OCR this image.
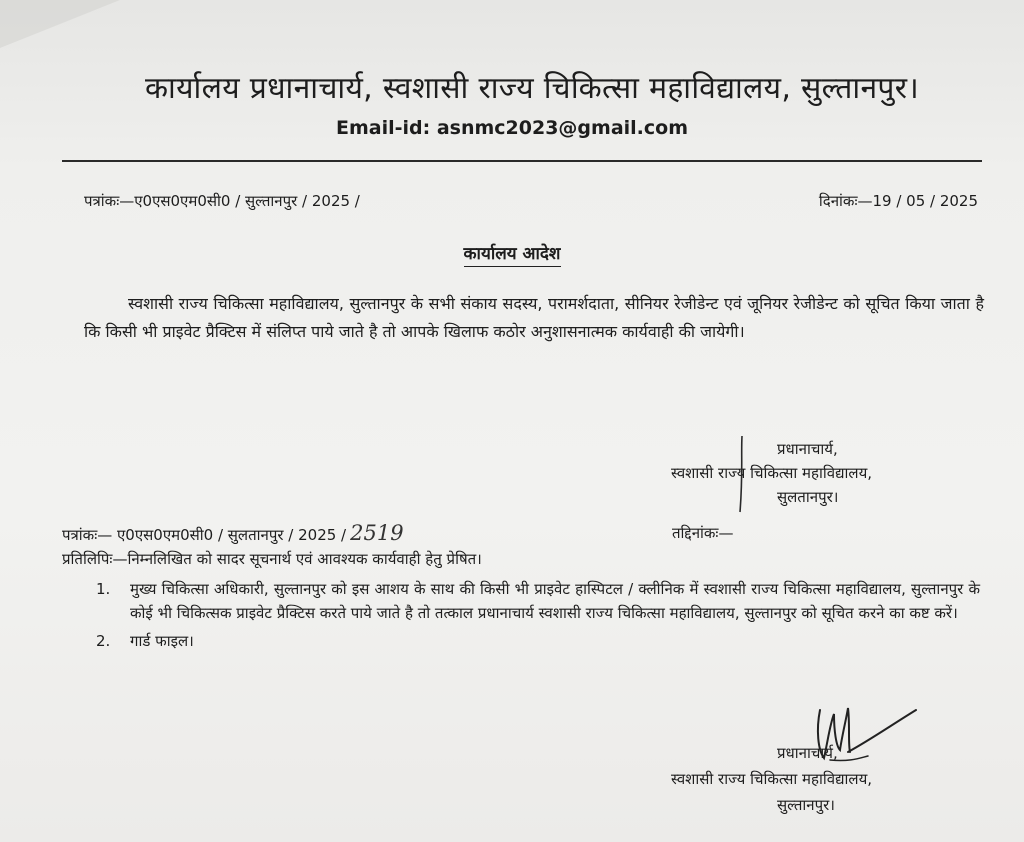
कार्यालय प्रधानाचार्य, स्वशासी राज्य चिकित्सा महाविद्यालय, सुल्तानपुर।
Email-id: asnmc2023@gmail.com
पत्रांकः—ए0एस0एम0सी0 / सुल्तानपुर / 2025 /	दिनांकः—19 / 05 / 2025
कार्यालय आदेश
स्वशासी राज्य चिकित्सा महाविद्यालय, सुल्तानपुर के सभी संकाय सदस्य, परामर्शदाता, सीनियर रेजीडेन्ट एवं जूनियर रेजीडेन्ट को सूचित किया जाता है कि किसी भी प्राइवेट प्रैक्टिस में संलिप्त पाये जाते है तो आपके खिलाफ कठोर अनुशासनात्मक कार्यवाही की जायेगी।
प्रधानाचार्य,
स्वशासी राज्य चिकित्सा महाविद्यालय,
सुलतानपुर।
पत्रांकः— ए0एस0एम0सी0 / सुलतानपुर / 2025 / 2519	तद्दिनांकः—
प्रतिलिपिः—निम्नलिखित को सादर सूचनार्थ एवं आवश्यक कार्यवाही हेतु प्रेषित।
1.	मुख्य चिकित्सा अधिकारी, सुल्तानपुर को इस आशय के साथ की किसी भी प्राइवेट हास्पिटल / क्लीनिक में स्वशासी राज्य चिकित्सा महाविद्यालय, सुल्तानपुर के कोई भी चिकित्सक प्राइवेट प्रैक्टिस करते पाये जाते है तो तत्काल प्रधानाचार्य स्वशासी राज्य चिकित्सा महाविद्यालय, सुल्तानपुर को सूचित करने का कष्ट करें।
2.	गार्ड फाइल।
प्रधानाचार्य,
स्वशासी राज्य चिकित्सा महाविद्यालय,
सुल्तानपुर।
